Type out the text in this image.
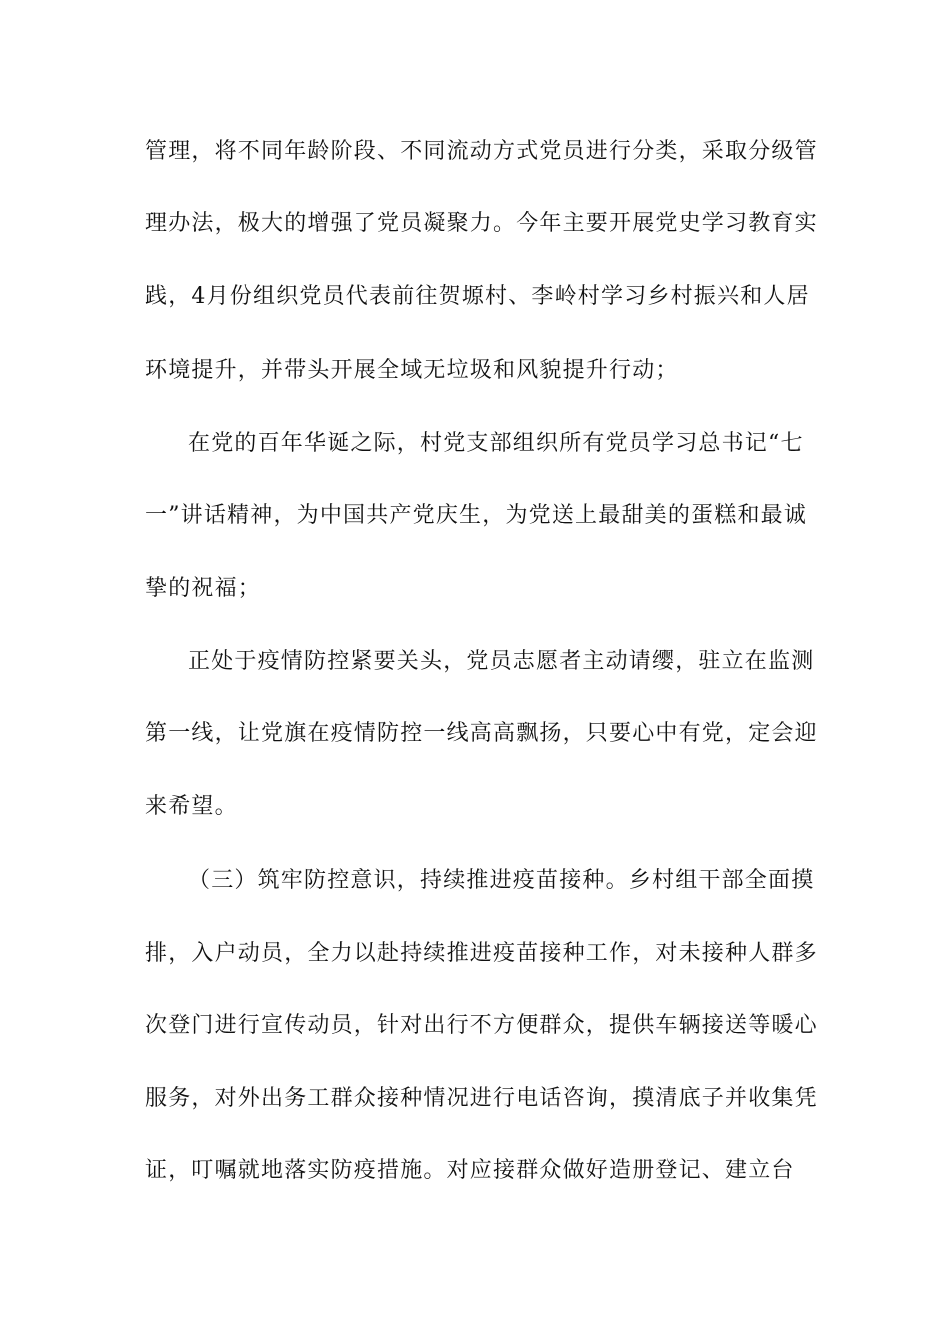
管理，将不同年龄阶段、不同流动方式党员进行分类，采取分级管
理办法，极大的增强了党员凝聚力。今年主要开展党史学习教育实
践，4月份组织党员代表前往贺塬村、李岭村学习乡村振兴和人居
环境提升，并带头开展全域无垃圾和风貌提升行动；
在党的百年华诞之际，村党支部组织所有党员学习总书记“七
一”讲话精神，为中国共产党庆生，为党送上最甜美的蛋糕和最诚
挚的祝福；
正处于疫情防控紧要关头，党员志愿者主动请缨，驻立在监测
第一线，让党旗在疫情防控一线高高飘扬，只要心中有党，定会迎
来希望。
（三）筑牢防控意识，持续推进疫苗接种。乡村组干部全面摸
排，入户动员，全力以赴持续推进疫苗接种工作，对未接种人群多
次登门进行宣传动员，针对出行不方便群众，提供车辆接送等暖心
服务，对外出务工群众接种情况进行电话咨询，摸清底子并收集凭
证，叮嘱就地落实防疫措施。对应接群众做好造册登记、建立台
